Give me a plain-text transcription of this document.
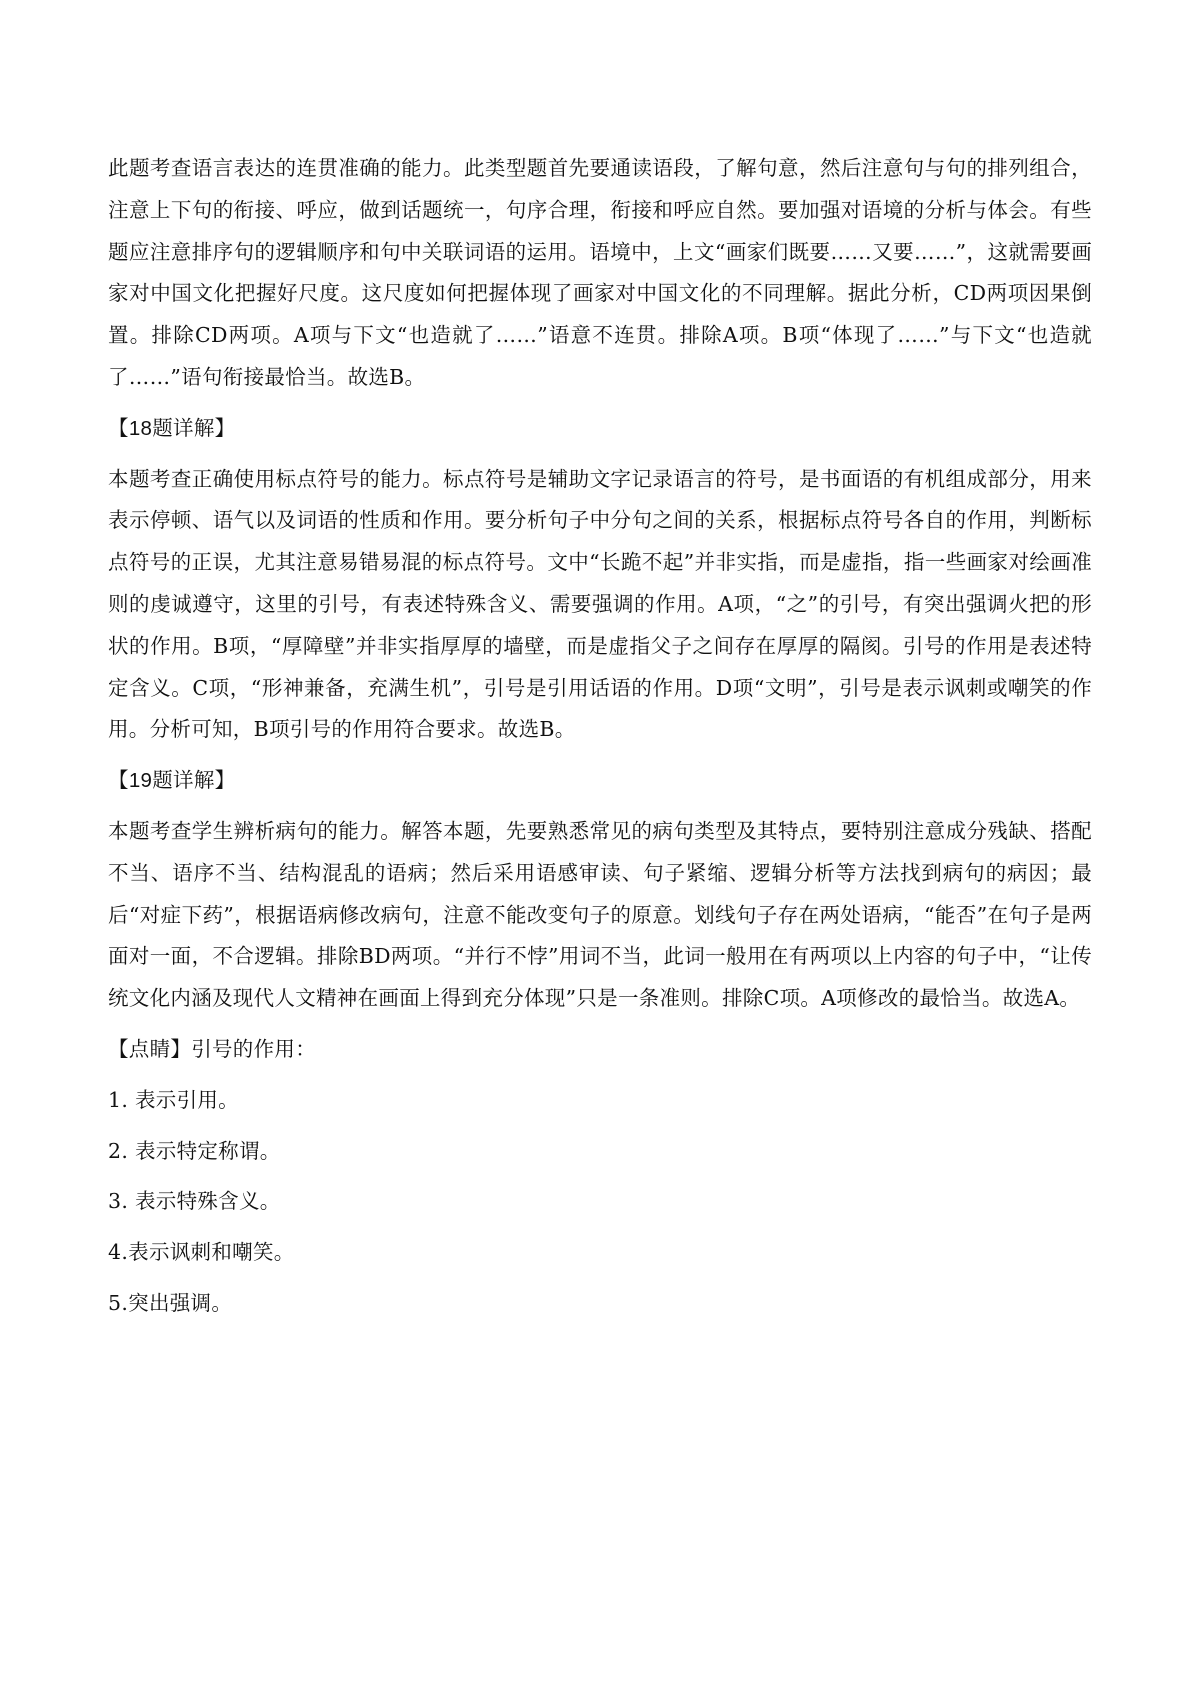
此题考查语言表达的连贯准确的能力。此类型题首先要通读语段，了解句意，然后注意句与句的排列组合，注意上下句的衔接、呼应，做到话题统一，句序合理，衔接和呼应自然。要加强对语境的分析与体会。有些题应注意排序句的逻辑顺序和句中关联词语的运用。语境中，上文“画家们既要……又要……”，这就需要画家对中国文化把握好尺度。这尺度如何把握体现了画家对中国文化的不同理解。据此分析，CD两项因果倒置。排除CD两项。A项与下文“也造就了……”语意不连贯。排除A项。B项“体现了……”与下文“也造就了……”语句衔接最恰当。故选B。

【18题详解】

本题考查正确使用标点符号的能力。标点符号是辅助文字记录语言的符号，是书面语的有机组成部分，用来表示停顿、语气以及词语的性质和作用。要分析句子中分句之间的关系，根据标点符号各自的作用，判断标点符号的正误，尤其注意易错易混的标点符号。文中“长跪不起”并非实指，而是虚指，指一些画家对绘画准则的虔诚遵守，这里的引号，有表述特殊含义、需要强调的作用。A项，“之”的引号，有突出强调火把的形状的作用。B项，“厚障壁”并非实指厚厚的墙壁，而是虚指父子之间存在厚厚的隔阂。引号的作用是表述特定含义。C项，“形神兼备，充满生机”，引号是引用话语的作用。D项“文明”，引号是表示讽刺或嘲笑的作用。分析可知，B项引号的作用符合要求。故选B。

【19题详解】

本题考查学生辨析病句的能力。解答本题，先要熟悉常见的病句类型及其特点，要特别注意成分残缺、搭配不当、语序不当、结构混乱的语病；然后采用语感审读、句子紧缩、逻辑分析等方法找到病句的病因；最后“对症下药”，根据语病修改病句，注意不能改变句子的原意。划线句子存在两处语病，“能否”在句子是两面对一面，不合逻辑。排除BD两项。“并行不悖”用词不当，此词一般用在有两项以上内容的句子中，“让传统文化内涵及现代人文精神在画面上得到充分体现”只是一条准则。排除C项。A项修改的最恰当。故选A。

【点睛】引号的作用：

1. 表示引用。

2. 表示特定称谓。

3. 表示特殊含义。

4.表示讽刺和嘲笑。

5.突出强调。
